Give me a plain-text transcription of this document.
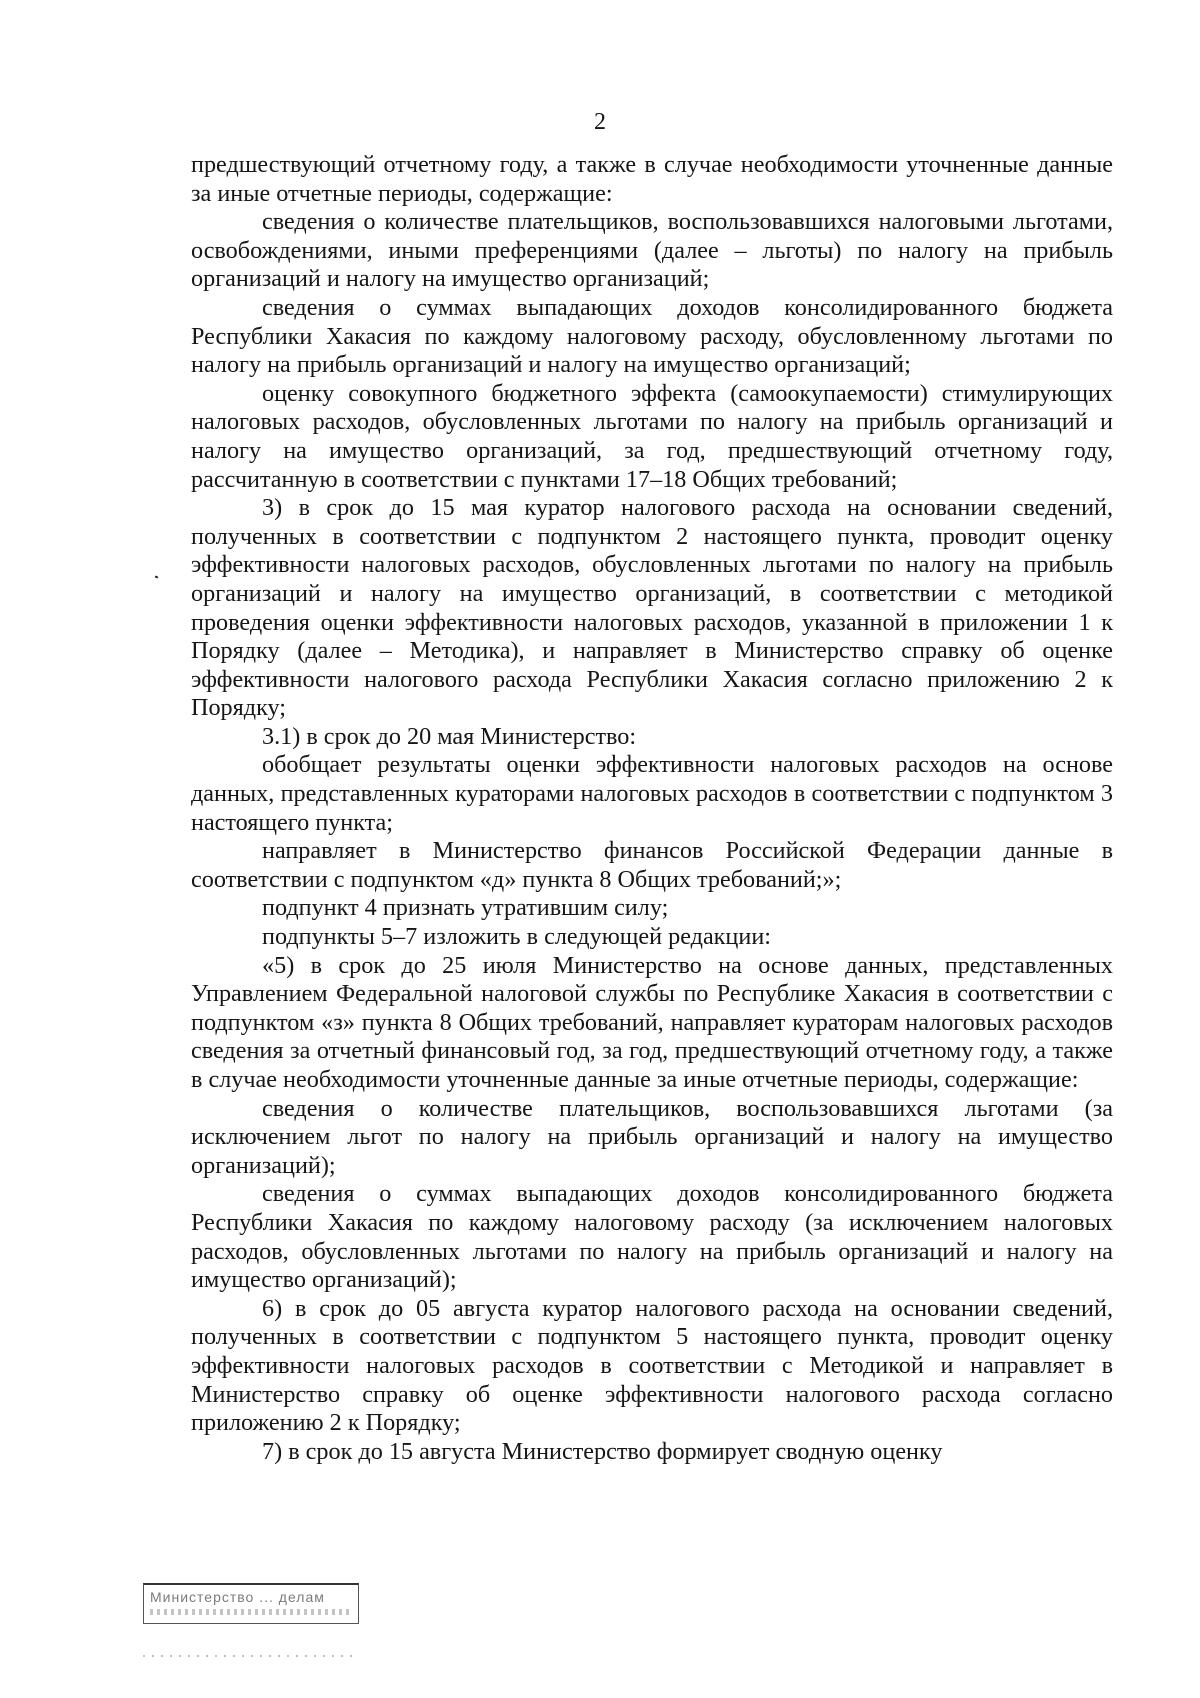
2

предшествующий отчетному году, а также в случае необходимости уточненные данные за иные отчетные периоды, содержащие:

сведения о количестве плательщиков, воспользовавшихся налоговыми льготами, освобождениями, иными преференциями (далее – льготы) по налогу на прибыль организаций и налогу на имущество организаций;

сведения о суммах выпадающих доходов консолидированного бюджета Республики Хакасия по каждому налоговому расходу, обусловленному льготами по налогу на прибыль организаций и налогу на имущество организаций;

оценку совокупного бюджетного эффекта (самоокупаемости) стимулирующих налоговых расходов, обусловленных льготами по налогу на прибыль организаций и налогу на имущество организаций, за год, предшествующий отчетному году, рассчитанную в соответствии с пунктами 17–18 Общих требований;

3) в срок до 15 мая куратор налогового расхода на основании сведений, полученных в соответствии с подпунктом 2 настоящего пункта, проводит оценку эффективности налоговых расходов, обусловленных льготами по налогу на прибыль организаций и налогу на имущество организаций, в соответствии с методикой проведения оценки эффективности налоговых расходов, указанной в приложении 1 к Порядку (далее – Методика), и направляет в Министерство справку об оценке эффективности налогового расхода Республики Хакасия согласно приложению 2 к Порядку;

3.1) в срок до 20 мая Министерство:

обобщает результаты оценки эффективности налоговых расходов на основе данных, представленных кураторами налоговых расходов в соответствии с подпунктом 3 настоящего пункта;

направляет в Министерство финансов Российской Федерации данные в соответствии с подпунктом «д» пункта 8 Общих требований;»;

подпункт 4 признать утратившим силу;

подпункты 5–7 изложить в следующей редакции:

«5) в срок до 25 июля Министерство на основе данных, представленных Управлением Федеральной налоговой службы по Республике Хакасия в соответствии с подпунктом «з» пункта 8 Общих требований, направляет кураторам налоговых расходов сведения за отчетный финансовый год, за год, предшествующий отчетному году, а также в случае необходимости уточненные данные за иные отчетные периоды, содержащие:

сведения о количестве плательщиков, воспользовавшихся льготами (за исключением льгот по налогу на прибыль организаций и налогу на имущество организаций);

сведения о суммах выпадающих доходов консолидированного бюджета Республики Хакасия по каждому налоговому расходу (за исключением налоговых расходов, обусловленных льготами по налогу на прибыль организаций и налогу на имущество организаций);

6) в срок до 05 августа куратор налогового расхода на основании сведений, полученных в соответствии с подпунктом 5 настоящего пункта, проводит оценку эффективности налоговых расходов в соответствии с Методикой и направляет в Министерство справку об оценке эффективности налогового расхода согласно приложению 2 к Порядку;

7) в срок до 15 августа Министерство формирует сводную оценку

Министерство ... делам
